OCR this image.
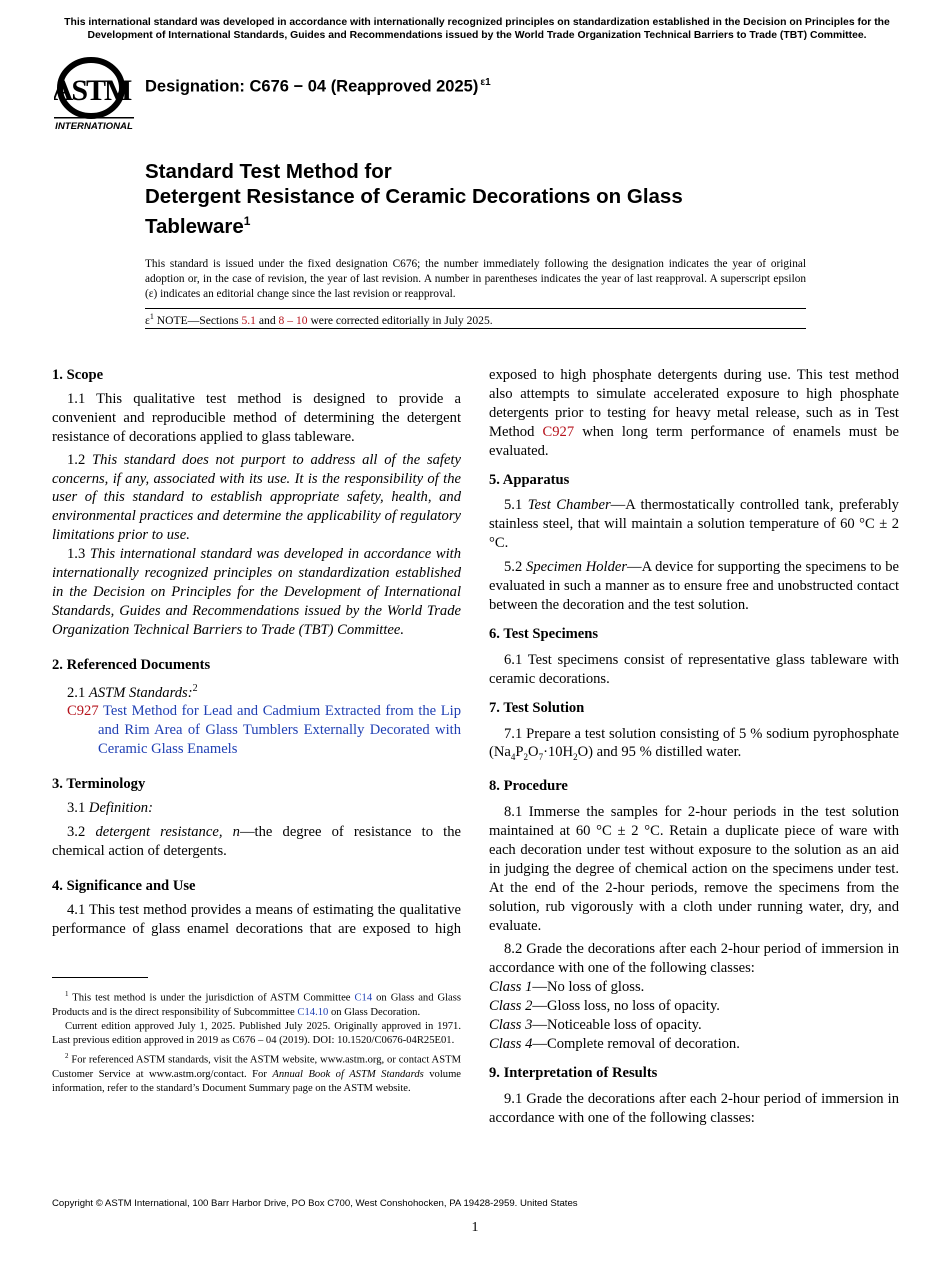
This international standard was developed in accordance with internationally recognized principles on standardization established in the Decision on Principles for the Development of International Standards, Guides and Recommendations issued by the World Trade Organization Technical Barriers to Trade (TBT) Committee.
ASTM
INTERNATIONAL
Designation: C676 − 04 (Reapproved 2025) $^{\varepsilon 1}$
Standard Test Method for
Detergent Resistance of Ceramic Decorations on Glass
Tableware$^1$
This standard is issued under the fixed designation C676; the number immediately following the designation indicates the year of original adoption or, in the case of revision, the year of last revision. A number in parentheses indicates the year of last reapproval. A superscript epsilon (ε) indicates an editorial change since the last revision or reapproval.
$\varepsilon^1$ NOTE—Sections 5.1 and 8 – 10 were corrected editorially in July 2025.

1. Scope

1.1 This qualitative test method is designed to provide a convenient and reproducible method of determining the detergent resistance of decorations applied to glass tableware.

1.2 This standard does not purport to address all of the safety concerns, if any, associated with its use. It is the responsibility of the user of this standard to establish appropriate safety, health, and environmental practices and determine the applicability of regulatory limitations prior to use.

1.3 This international standard was developed in accordance with internationally recognized principles on standardization established in the Decision on Principles for the Development of International Standards, Guides and Recommendations issued by the World Trade Organization Technical Barriers to Trade (TBT) Committee.

2. Referenced Documents

2.1 ASTM Standards:$^2$

C927 Test Method for Lead and Cadmium Extracted from the Lip and Rim Area of Glass Tumblers Externally Decorated with Ceramic Glass Enamels

3. Terminology

3.1 Definition:

3.2 detergent resistance, n—the degree of resistance to the chemical action of detergents.

4. Significance and Use

4.1 This test method provides a means of estimating the qualitative performance of glass enamel decorations that are exposed to high

$^1$ This test method is under the jurisdiction of ASTM Committee C14 on Glass and Glass Products and is the direct responsibility of Subcommittee C14.10 on Glass Decoration.

Current edition approved July 1, 2025. Published July 2025. Originally approved in 1971. Last previous edition approved in 2019 as C676 – 04 (2019). DOI: 10.1520/C0676-04R25E01.

$^2$ For referenced ASTM standards, visit the ASTM website, www.astm.org, or contact ASTM Customer Service at www.astm.org/contact. For Annual Book of ASTM Standards volume information, refer to the standard’s Document Summary page on the ASTM website.

exposed to high phosphate detergents during use. This test method also attempts to simulate accelerated exposure to high phosphate detergents prior to testing for heavy metal release, such as in Test Method C927 when long term performance of enamels must be evaluated.

5. Apparatus

5.1 Test Chamber—A thermostatically controlled tank, preferably stainless steel, that will maintain a solution temperature of 60 °C ± 2 °C.

5.2 Specimen Holder—A device for supporting the specimens to be evaluated in such a manner as to ensure free and unobstructed contact between the decoration and the test solution.

6. Test Specimens

6.1 Test specimens consist of representative glass tableware with ceramic decorations.

7. Test Solution

7.1 Prepare a test solution consisting of 5 % sodium pyrophosphate $(Na_4P_2O_7\cdot 10H_2O)$ and 95 % distilled water.

8. Procedure

8.1 Immerse the samples for 2-hour periods in the test solution maintained at 60 °C ± 2 °C. Retain a duplicate piece of ware with each decoration under test without exposure to the solution as an aid in judging the degree of chemical action on the specimens under test. At the end of the 2-hour periods, remove the specimens from the solution, rub vigorously with a cloth under running water, dry, and evaluate.

8.2 Grade the decorations after each 2-hour period of immersion in accordance with one of the following classes:

Class 1—No loss of gloss.

Class 2—Gloss loss, no loss of opacity.

Class 3—Noticeable loss of opacity.

Class 4—Complete removal of decoration.

9. Interpretation of Results

9.1 Grade the decorations after each 2-hour period of immersion in accordance with one of the following classes:

Copyright © ASTM International, 100 Barr Harbor Drive, PO Box C700, West Conshohocken, PA 19428-2959. United States
1
